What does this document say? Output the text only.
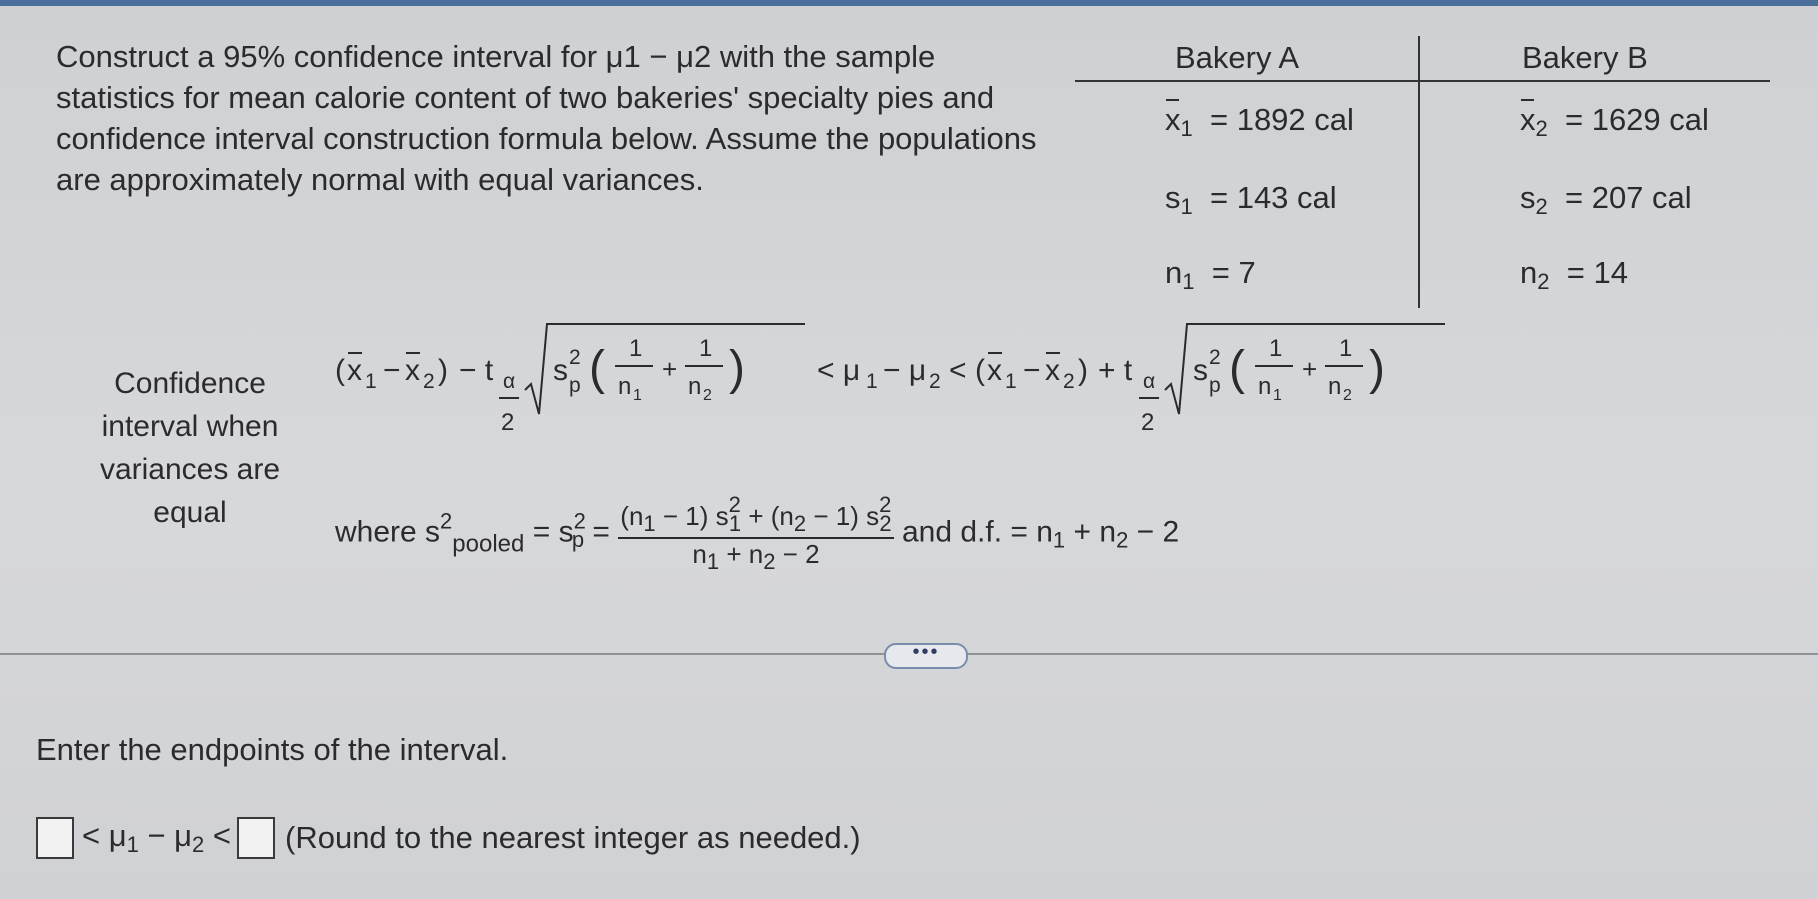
Construct a 95% confidence interval for μ1 − μ2 with the sample statistics for mean calorie content of two bakeries' specialty pies and confidence interval construction formula below. Assume the populations are approximately normal with equal variances.
Bakery A	Bakery B
$x_1 = 1892$ cal
$s_1 = 143$ cal
$n_1 = 7$
$x_2 = 1629$ cal
$s_2 = 207$ cal
$n_2 = 14$
Confidence interval when variances are equal
( x 1 − x 2 ) − t α
2
s 2
p ( 1
n 1
+
1
n 2
) < μ 1 − μ 2 < ( x 1 − x 2 ) + t α
2
s 2
p ( 1
n 1
+
1
n 2
)
where $s^2_{pooled} = s^2_p = \frac{(n_1 - 1) s^2_1 + (n_2 - 1) s^2_2}{n_1 + n_2 - 2}$ and d.f. = $n_1 + n_2 - 2$
•••
Enter the endpoints of the interval.
< $\mu_1 - \mu_2$ < (Round to the nearest integer as needed.)
